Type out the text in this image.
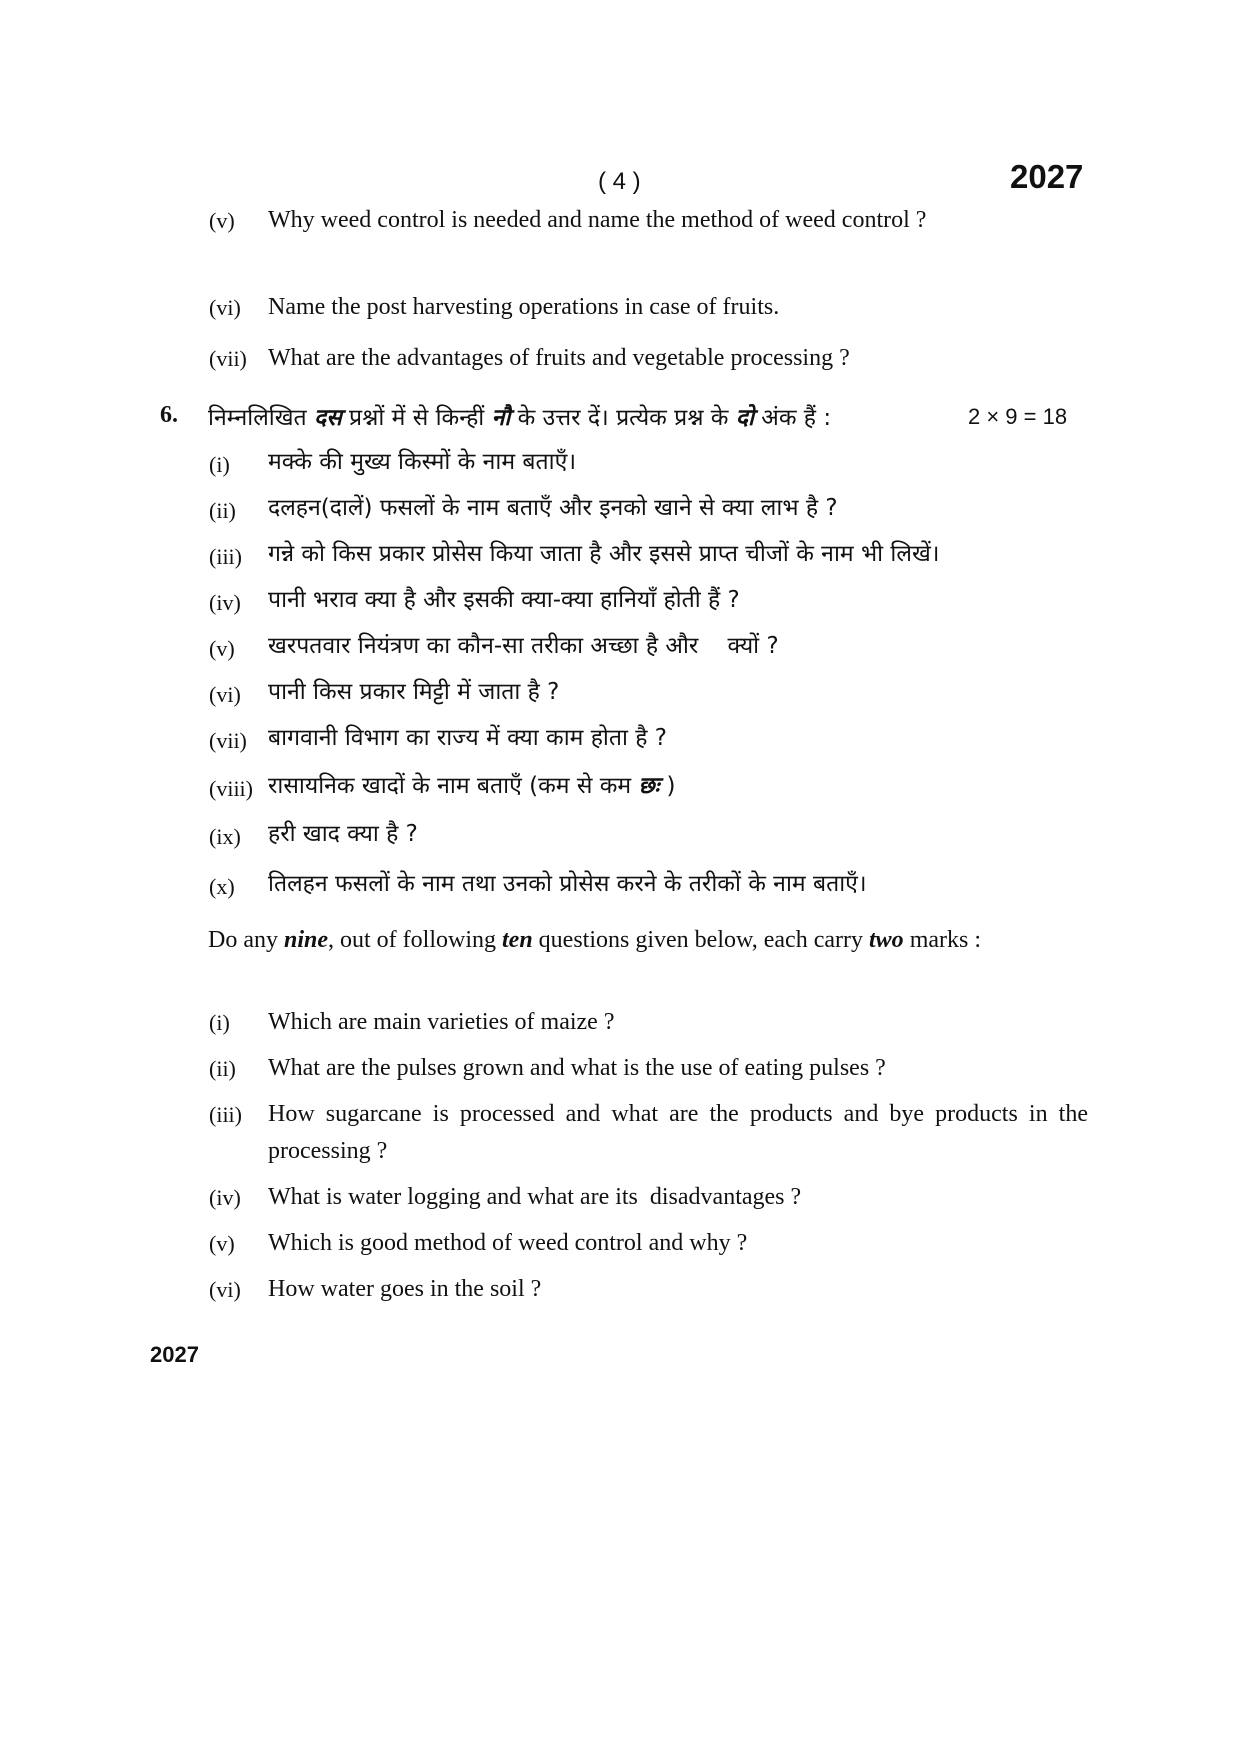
( 4 )	2027
(v) Why weed control is needed and name the method of weed control ?
(vi) Name the post harvesting operations in case of fruits.
(vii) What are the advantages of fruits and vegetable processing ?
6. निम्नलिखित दस प्रश्नों में से किन्हीं नौ के उत्तर दें। प्रत्येक प्रश्न के दो अंक हैं :	2 × 9 = 18
(i) मक्के की मुख्य किस्मों के नाम बताएँ।
(ii) दलहन(दालें) फसलों के नाम बताएँ और इनको खाने से क्या लाभ है ?
(iii) गन्ने को किस प्रकार प्रोसेस किया जाता है और इससे प्राप्त चीजों के नाम भी लिखें।
(iv) पानी भराव क्या है और इसकी क्या-क्या हानियाँ होती हैं ?
(v) खरपतवार नियंत्रण का कौन-सा तरीका अच्छा है और    क्यों ?
(vi) पानी किस प्रकार मिट्टी में जाता है ?
(vii) बागवानी विभाग का राज्य में क्या काम होता है ?
(viii) रासायनिक खादों के नाम बताएँ (कम से कम छः )
(ix) हरी खाद क्या है ?
(x) तिलहन फसलों के नाम तथा उनको प्रोसेस करने के तरीकों के नाम बताएँ।
Do any nine, out of following ten questions given below, each carry two marks :
(i) Which are main varieties of maize ?
(ii) What are the pulses grown and what is the use of eating pulses ?
(iii) How sugarcane is processed and what are the products and bye products in the processing ?
(iv) What is water logging and what are its  disadvantages ?
(v) Which is good method of weed control and why ?
(vi) How water goes in the soil ?
2027
